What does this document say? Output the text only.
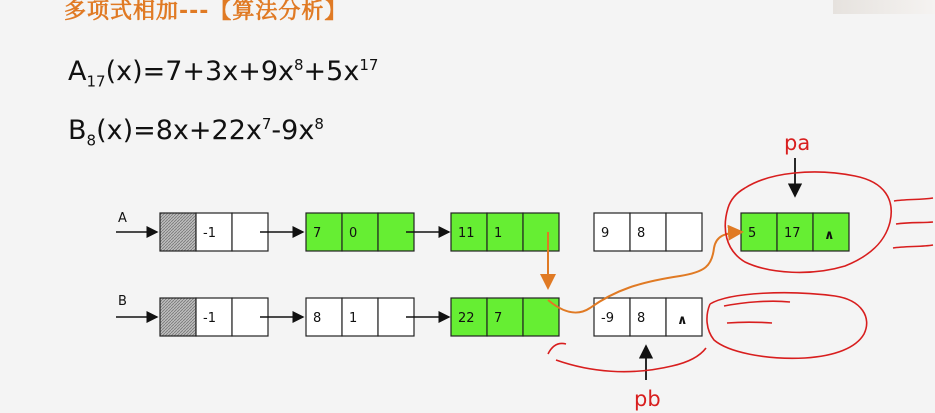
多项式相加---【算法分析】
$A_{17}(x)=7+3x+9x^8+5x^{17}$
$B_8(x)=8x+22x^7-9x^8$
-1	7 0	11 1	9 8	5 17 ∧
-1	8 1	22 7	-9 8 ∧
A
B
pa
pb
